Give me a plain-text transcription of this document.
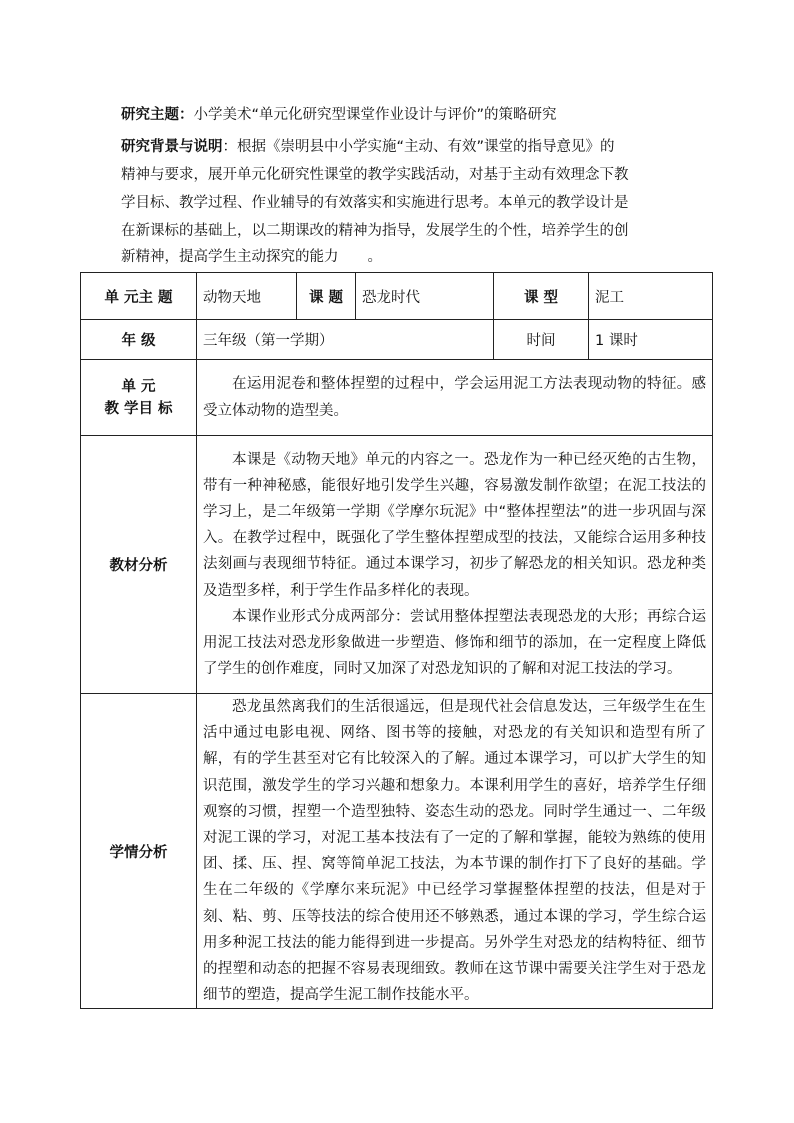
研究主题：小学美术“单元化研究型课堂作业设计与评价”的策略研究
研究背景与说明：根据《崇明县中小学实施“主动、有效”课堂的指导意见》的
精神与要求，展开单元化研究性课堂的教学实践活动，对基于主动有效理念下教
学目标、教学过程、作业辅导的有效落实和实施进行思考。本单元的教学设计是
在新课标的基础上，以二期课改的精神为指导，发展学生的个性，培养学生的创
新精神，提高学生主动探究的能力　　。
单 元主 题	动物天地	课 题	恐龙时代	课 型	泥工
年 级	三年级（第一学期）			时间	1 课时

单 元
教 学目 标	在运用泥卷和整体捏塑的过程中，学会运用泥工方法表现动物的特征。感受立体动物的造型美。				
教材分析	本课是《动物天地》单元的内容之一。恐龙作为一种已经灭绝的古生物，带有一种神秘感，能很好地引发学生兴趣，容易激发制作欲望；在泥工技法的学习上，是二年级第一学期《学摩尔玩泥》中“整体捏塑法”的进一步巩固与深入。在教学过程中，既强化了学生整体捏塑成型的技法，又能综合运用多种技法刻画与表现细节特征。通过本课学习，初步了解恐龙的相关知识。恐龙种类及造型多样，利于学生作品多样化的表现。
本课作业形式分成两部分：尝试用整体捏塑法表现恐龙的大形；再综合运用泥工技法对恐龙形象做进一步塑造、修饰和细节的添加，在一定程度上降低了学生的创作难度，同时又加深了对恐龙知识的了解和对泥工技法的学习。				

学情分析	恐龙虽然离我们的生活很遥远，但是现代社会信息发达，三年级学生在生活中通过电影电视、网络、图书等的接触，对恐龙的有关知识和造型有所了解，有的学生甚至对它有比较深入的了解。通过本课学习，可以扩大学生的知识范围，激发学生的学习兴趣和想象力。本课利用学生的喜好，培养学生仔细观察的习惯，捏塑一个造型独特、姿态生动的恐龙。同时学生通过一、二年级对泥工课的学习，对泥工基本技法有了一定的了解和掌握，能较为熟练的使用团、揉、压、捏、窝等简单泥工技法，为本节课的制作打下了良好的基础。学生在二年级的《学摩尔来玩泥》中已经学习掌握整体捏塑的技法，但是对于刻、粘、剪、压等技法的综合使用还不够熟悉，通过本课的学习，学生综合运用多种泥工技法的能力能得到进一步提高。另外学生对恐龙的结构特征、细节的捏塑和动态的把握不容易表现细致。教师在这节课中需要关注学生对于恐龙细节的塑造，提高学生泥工制作技能水平。				
